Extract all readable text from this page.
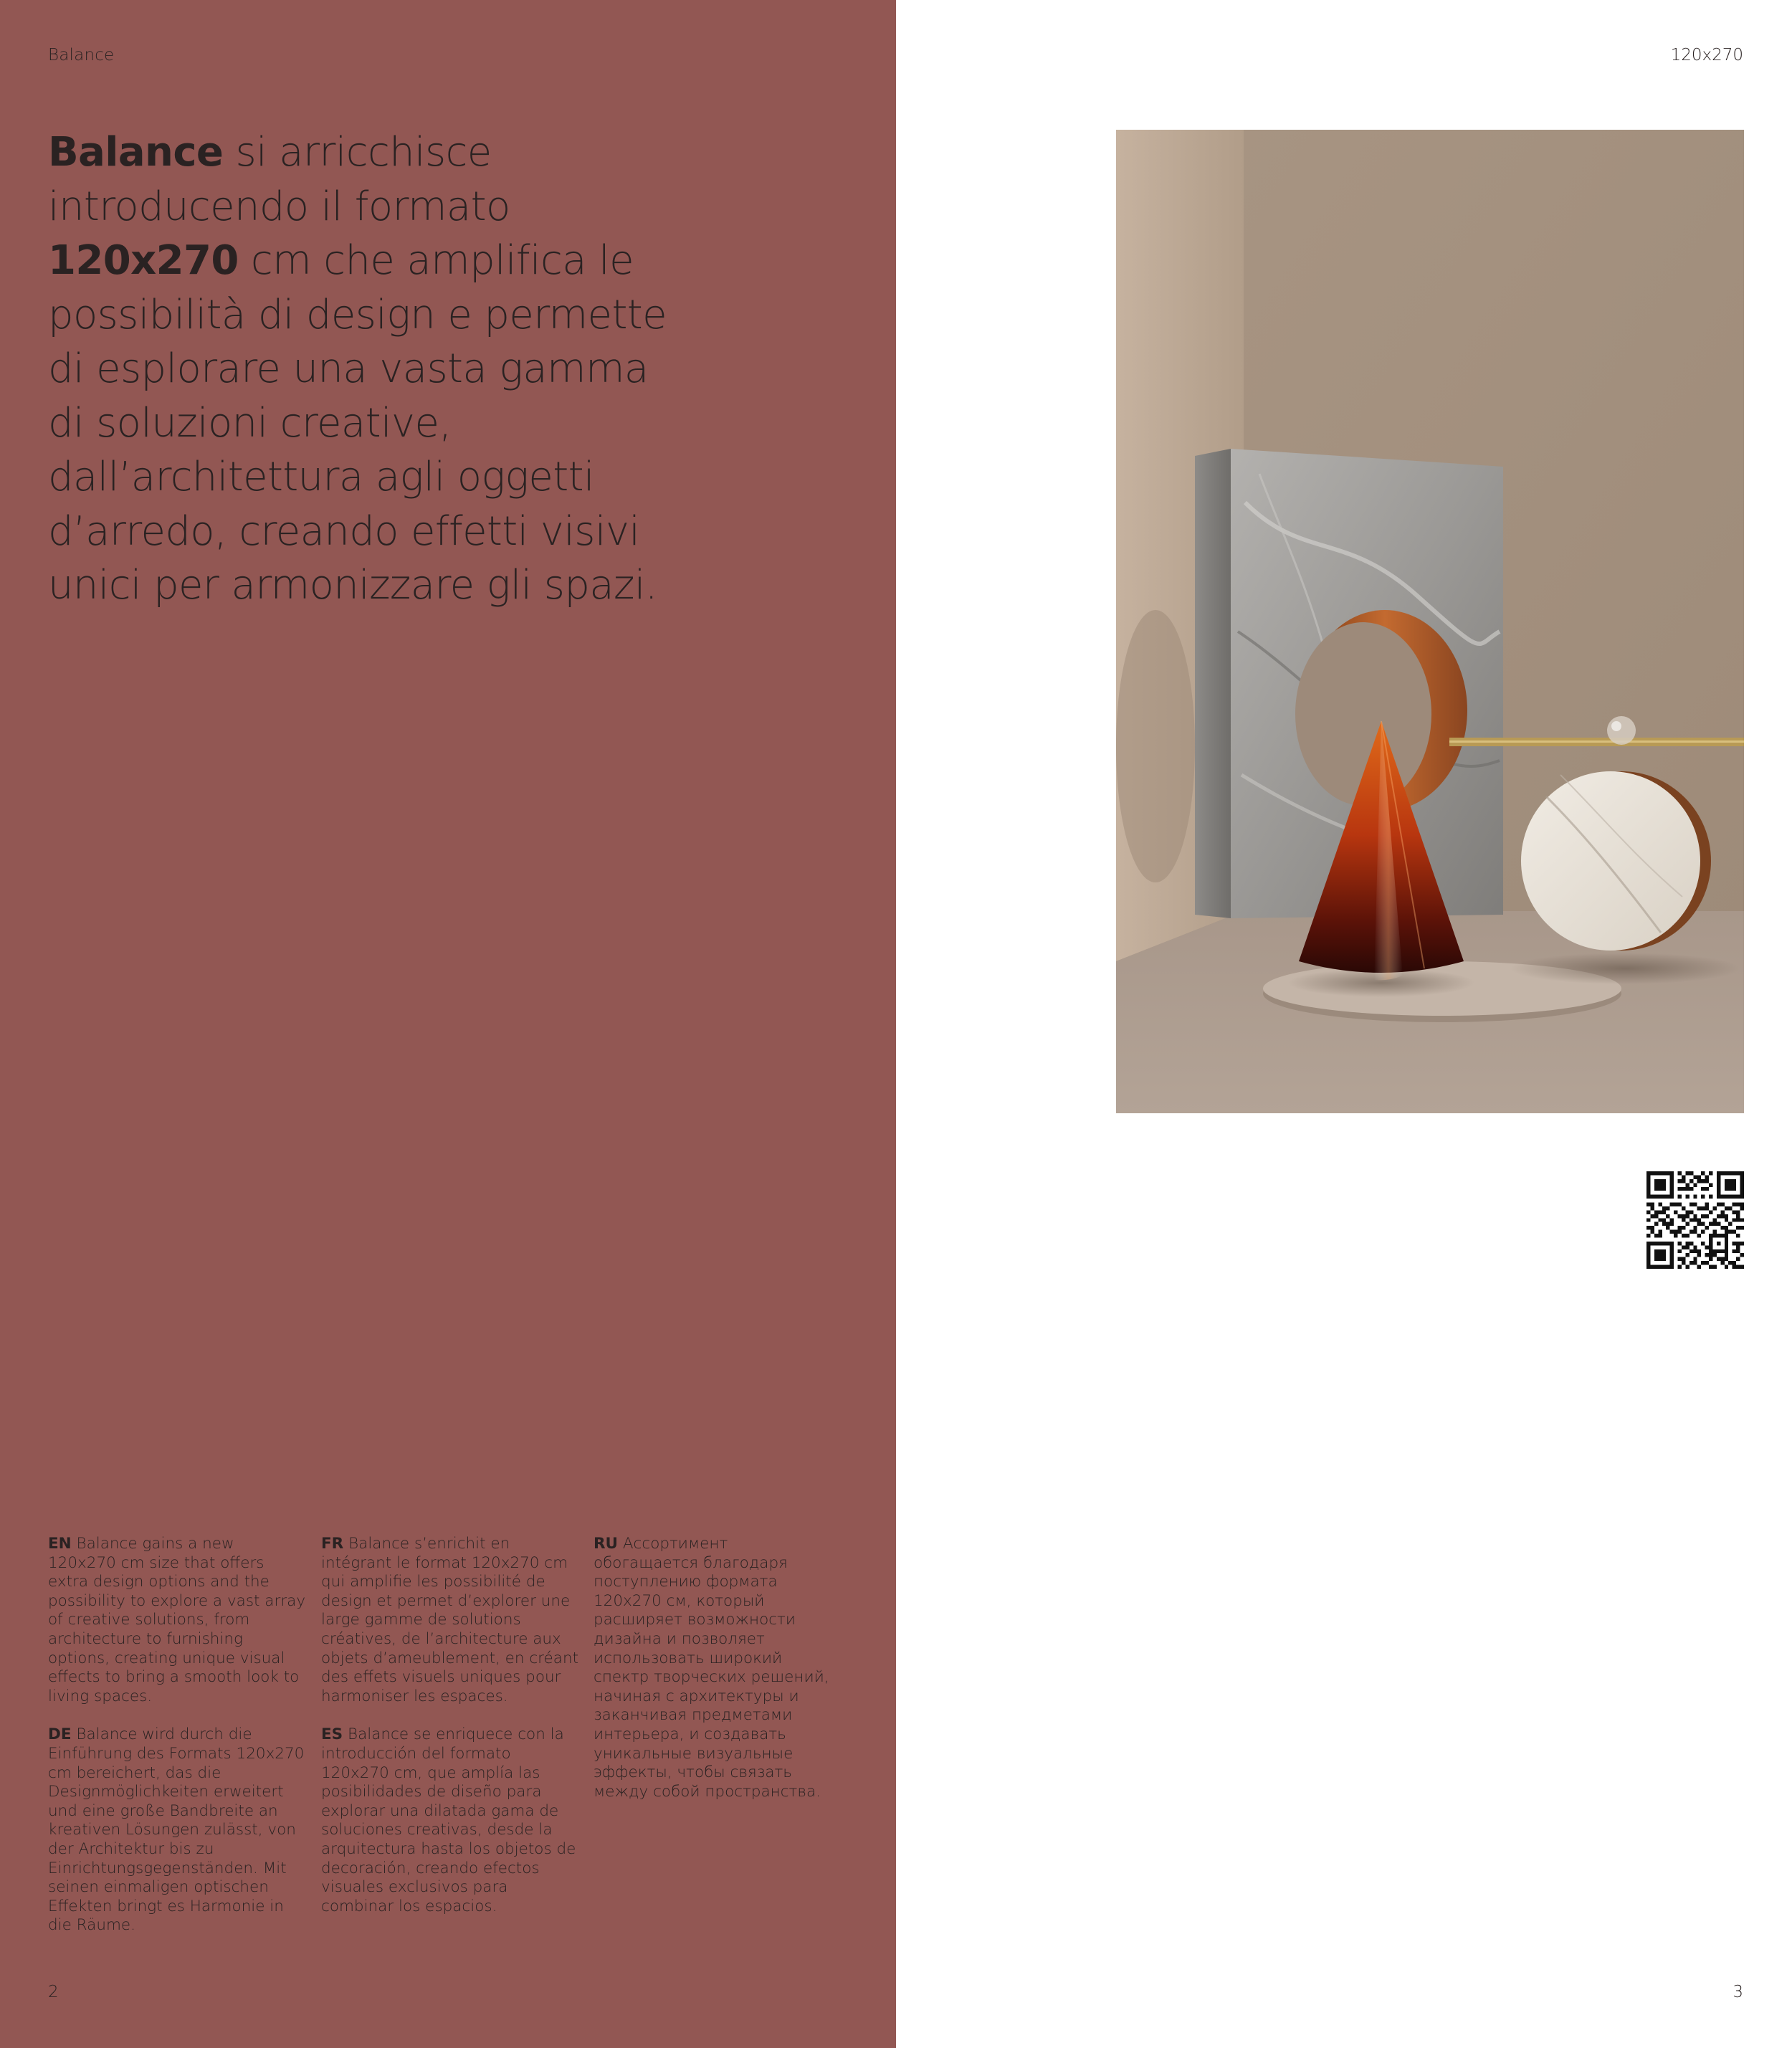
Balance
Balance si arricchisce introducendo il formato 120x270 cm che amplifica le possibilità di design e permette di esplorare una vasta gamma di soluzioni creative, dall’architettura agli oggetti d’arredo, creando effetti visivi unici per armonizzare gli spazi.

EN Balance gains a new 120x270 cm size that offers extra design options and the possibility to explore a vast array of creative solutions, from architecture to furnishing options, creating unique visual effects to bring a smooth look to living spaces.

DE Balance wird durch die Einführung des Formats 120x270 cm bereichert, das die Designmöglichkeiten erweitert und eine große Bandbreite an kreativen Lösungen zulässt, von der Architektur bis zu Einrichtungsgegenständen. Mit seinen einmaligen optischen Effekten bringt es Harmonie in die Räume.

FR Balance s’enrichit en intégrant le format 120x270 cm qui amplifie les possibilité de design et permet d’explorer une large gamme de solutions créatives, de l’architecture aux objets d’ameublement, en créant des effets visuels uniques pour harmoniser les espaces.

ES Balance se enriquece con la introducción del formato 120x270 cm, que amplía las posibilidades de diseño para explorar una dilatada gama de soluciones creativas, desde la arquitectura hasta los objetos de decoración, creando efectos visuales exclusivos para combinar los espacios.

RU Ассортимент обогащается благодаря поступлению формата 120x270 см, который расширяет возможности дизайна и позволяет использовать широкий спектр творческих решений, начиная с архитектуры и заканчивая предметами интерьера, и создавать уникальные визуальные эффекты, чтобы связать между собой пространства.

2
120x270
3
